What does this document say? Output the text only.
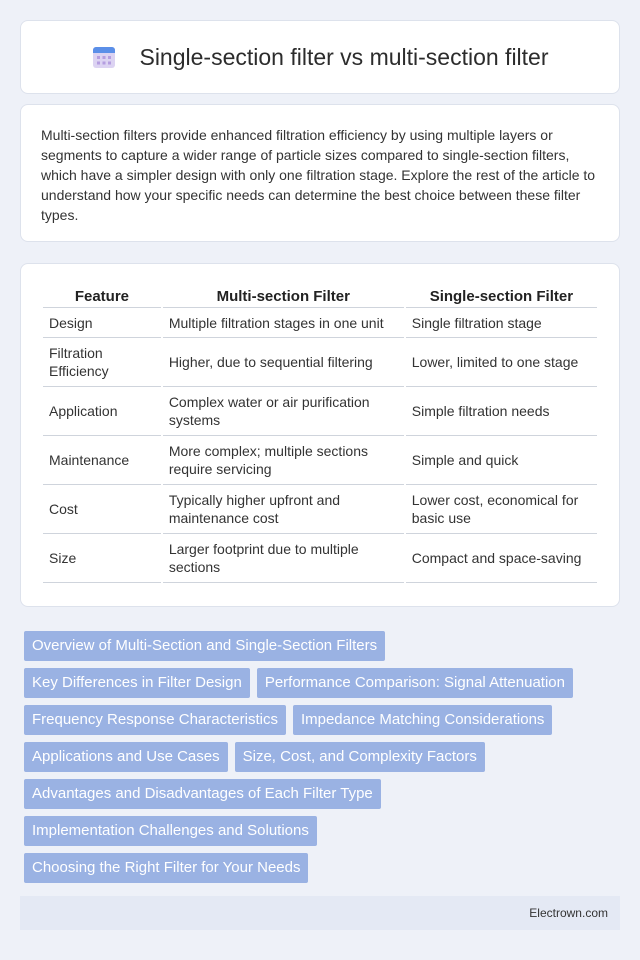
Single-section filter vs multi-section filter

Multi-section filters provide enhanced filtration efficiency by using multiple layers or segments to capture a wider range of particle sizes compared to single-section filters, which have a simpler design with only one filtration stage. Explore the rest of the article to understand how your specific needs can determine the best choice between these filter types.

Feature	Multi-section Filter	Single-section Filter
Design	Multiple filtration stages in one unit	Single filtration stage
Filtration Efficiency	Higher, due to sequential filtering	Lower, limited to one stage
Application	Complex water or air purification systems	Simple filtration needs
Maintenance	More complex; multiple sections require servicing	Simple and quick
Cost	Typically higher upfront and maintenance cost	Lower cost, economical for basic use
Size	Larger footprint due to multiple sections	Compact and space-saving
Overview of Multi-Section and Single-Section Filters
Key Differences in Filter Design	Performance Comparison: Signal Attenuation
Frequency Response Characteristics	Impedance Matching Considerations
Applications and Use Cases	Size, Cost, and Complexity Factors
Advantages and Disadvantages of Each Filter Type
Implementation Challenges and Solutions
Choosing the Right Filter for Your Needs
Electrown.com
